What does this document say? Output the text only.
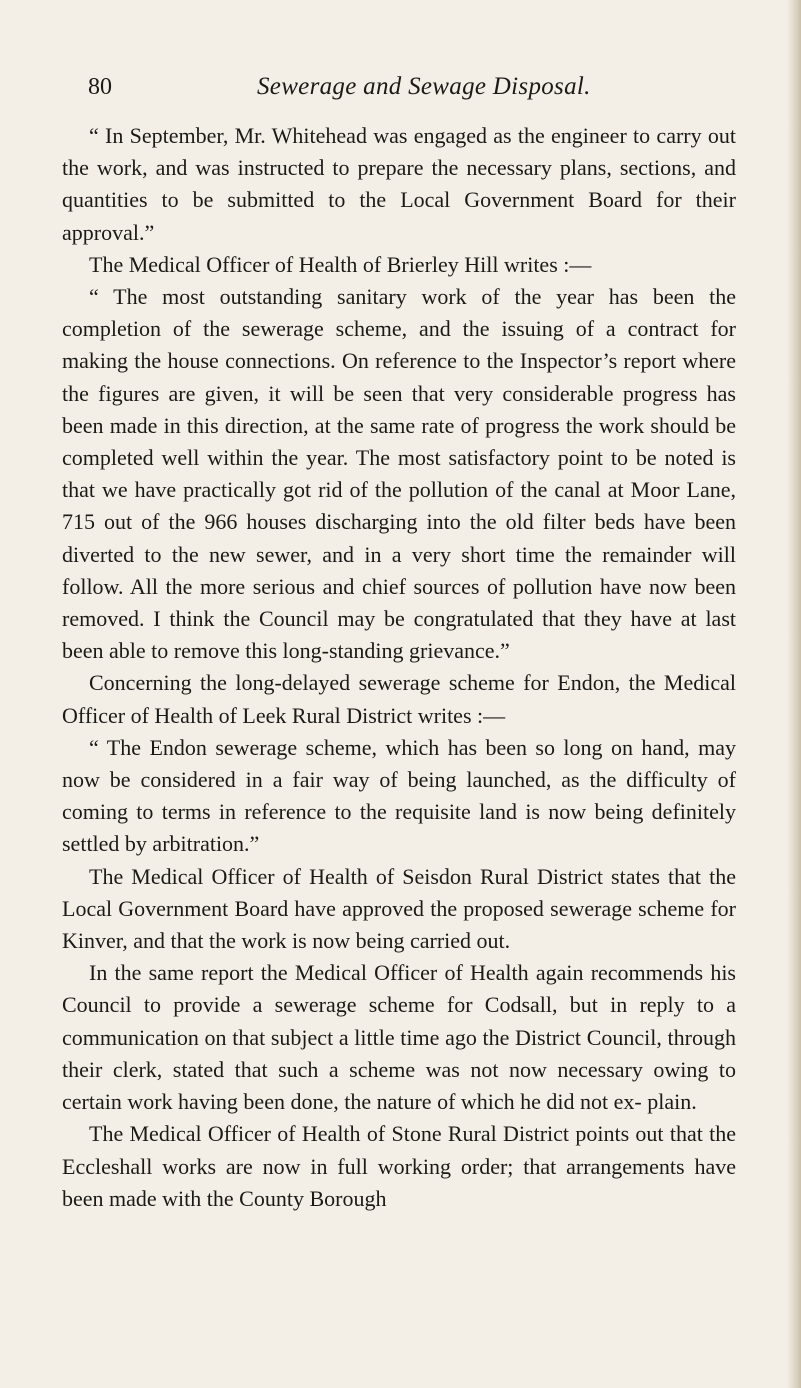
80	Sewerage and Sewage Disposal.

“ In September, Mr. Whitehead was engaged as the engineer to carry out the work, and was instructed to prepare the necessary plans, sections, and quantities to be submitted to the Local Government Board for their approval.”

The Medical Officer of Health of Brierley Hill writes :—

“ The most outstanding sanitary work of the year has been the completion of the sewerage scheme, and the issuing of a contract for making the house connections. On reference to the Inspector’s report where the figures are given, it will be seen that very considerable progress has been made in this direction, at the same rate of progress the work should be completed well within the year. The most satisfactory point to be noted is that we have practically got rid of the pollution of the canal at Moor Lane, 715 out of the 966 houses discharging into the old filter beds have been diverted to the new sewer, and in a very short time the remainder will follow. All the more serious and chief sources of pollution have now been removed. I think the Council may be congratulated that they have at last been able to remove this long-standing grievance.”

Concerning the long-delayed sewerage scheme for Endon, the Medical Officer of Health of Leek Rural District writes :—

“ The Endon sewerage scheme, which has been so long on hand, may now be considered in a fair way of being launched, as the difficulty of coming to terms in reference to the requisite land is now being definitely settled by arbitration.”

The Medical Officer of Health of Seisdon Rural District states that the Local Government Board have approved the proposed sewerage scheme for Kinver, and that the work is now being carried out.

In the same report the Medical Officer of Health again recommends his Council to provide a sewerage scheme for Codsall, but in reply to a communication on that subject a little time ago the District Council, through their clerk, stated that such a scheme was not now necessary owing to certain work having been done, the nature of which he did not ex- plain.

The Medical Officer of Health of Stone Rural District points out that the Eccleshall works are now in full working order; that arrangements have been made with the County Borough
